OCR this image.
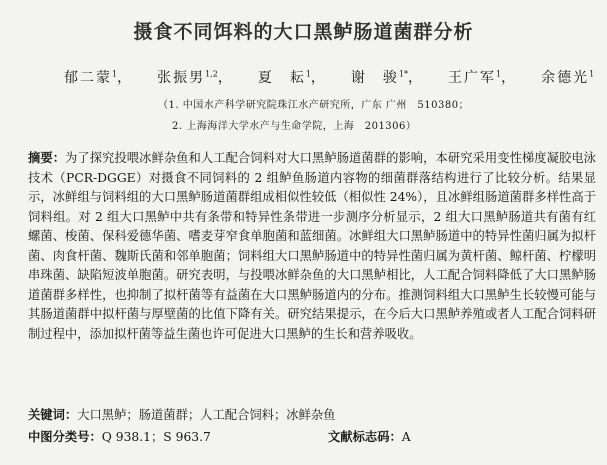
摄食不同饵料的大口黑鲈肠道菌群分析
郁二蒙$^1$， 张振男$^{1,2}$， 夏　耘$^1$， 谢　骏$^{1*}$， 王广军$^1$， 余德光$^1$
（1. 中国水产科学研究院珠江水产研究所，广东 广州　510380；
2. 上海海洋大学水产与生命学院，上海　201306）
摘要：为了探究投喂冰鲜杂鱼和人工配合饲料对大口黑鲈肠道菌群的影响，本研究采用变性梯度凝胶电泳技术（PCR-DGGE）对摄食不同饲料的 2 组鲈鱼肠道内容物的细菌群落结构进行了比较分析。结果显示，冰鲜组与饲料组的大口黑鲈肠道菌群组成相似性较低（相似性 24%），且冰鲜组肠道菌群多样性高于饲料组。对 2 组大口黑鲈中共有条带和特异性条带进一步测序分析显示，2 组大口黑鲈肠道共有菌有红螺菌、梭菌、保科爱德华菌、嗜麦芽窄食单胞菌和蓝细菌。冰鲜组大口黑鲈肠道中的特异性菌归属为拟杆菌、肉食杆菌、魏斯氏菌和邻单胞菌；饲料组大口黑鲈肠道中的特异性菌归属为黄杆菌、鲸杆菌、柠檬明串珠菌、缺陷短波单胞菌。研究表明，与投喂冰鲜杂鱼的大口黑鲈相比，人工配合饲料降低了大口黑鲈肠道菌群多样性，也抑制了拟杆菌等有益菌在大口黑鲈肠道内的分布。推测饲料组大口黑鲈生长较慢可能与其肠道菌群中拟杆菌与厚壁菌的比值下降有关。研究结果提示，在今后大口黑鲈养殖或者人工配合饲料研制过程中，添加拟杆菌等益生菌也许可促进大口黑鲈的生长和营养吸收。
关键词：大口黑鲈；肠道菌群；人工配合饲料；冰鲜杂鱼
中图分类号：Q 938.1；S 963.7	文献标志码：A
